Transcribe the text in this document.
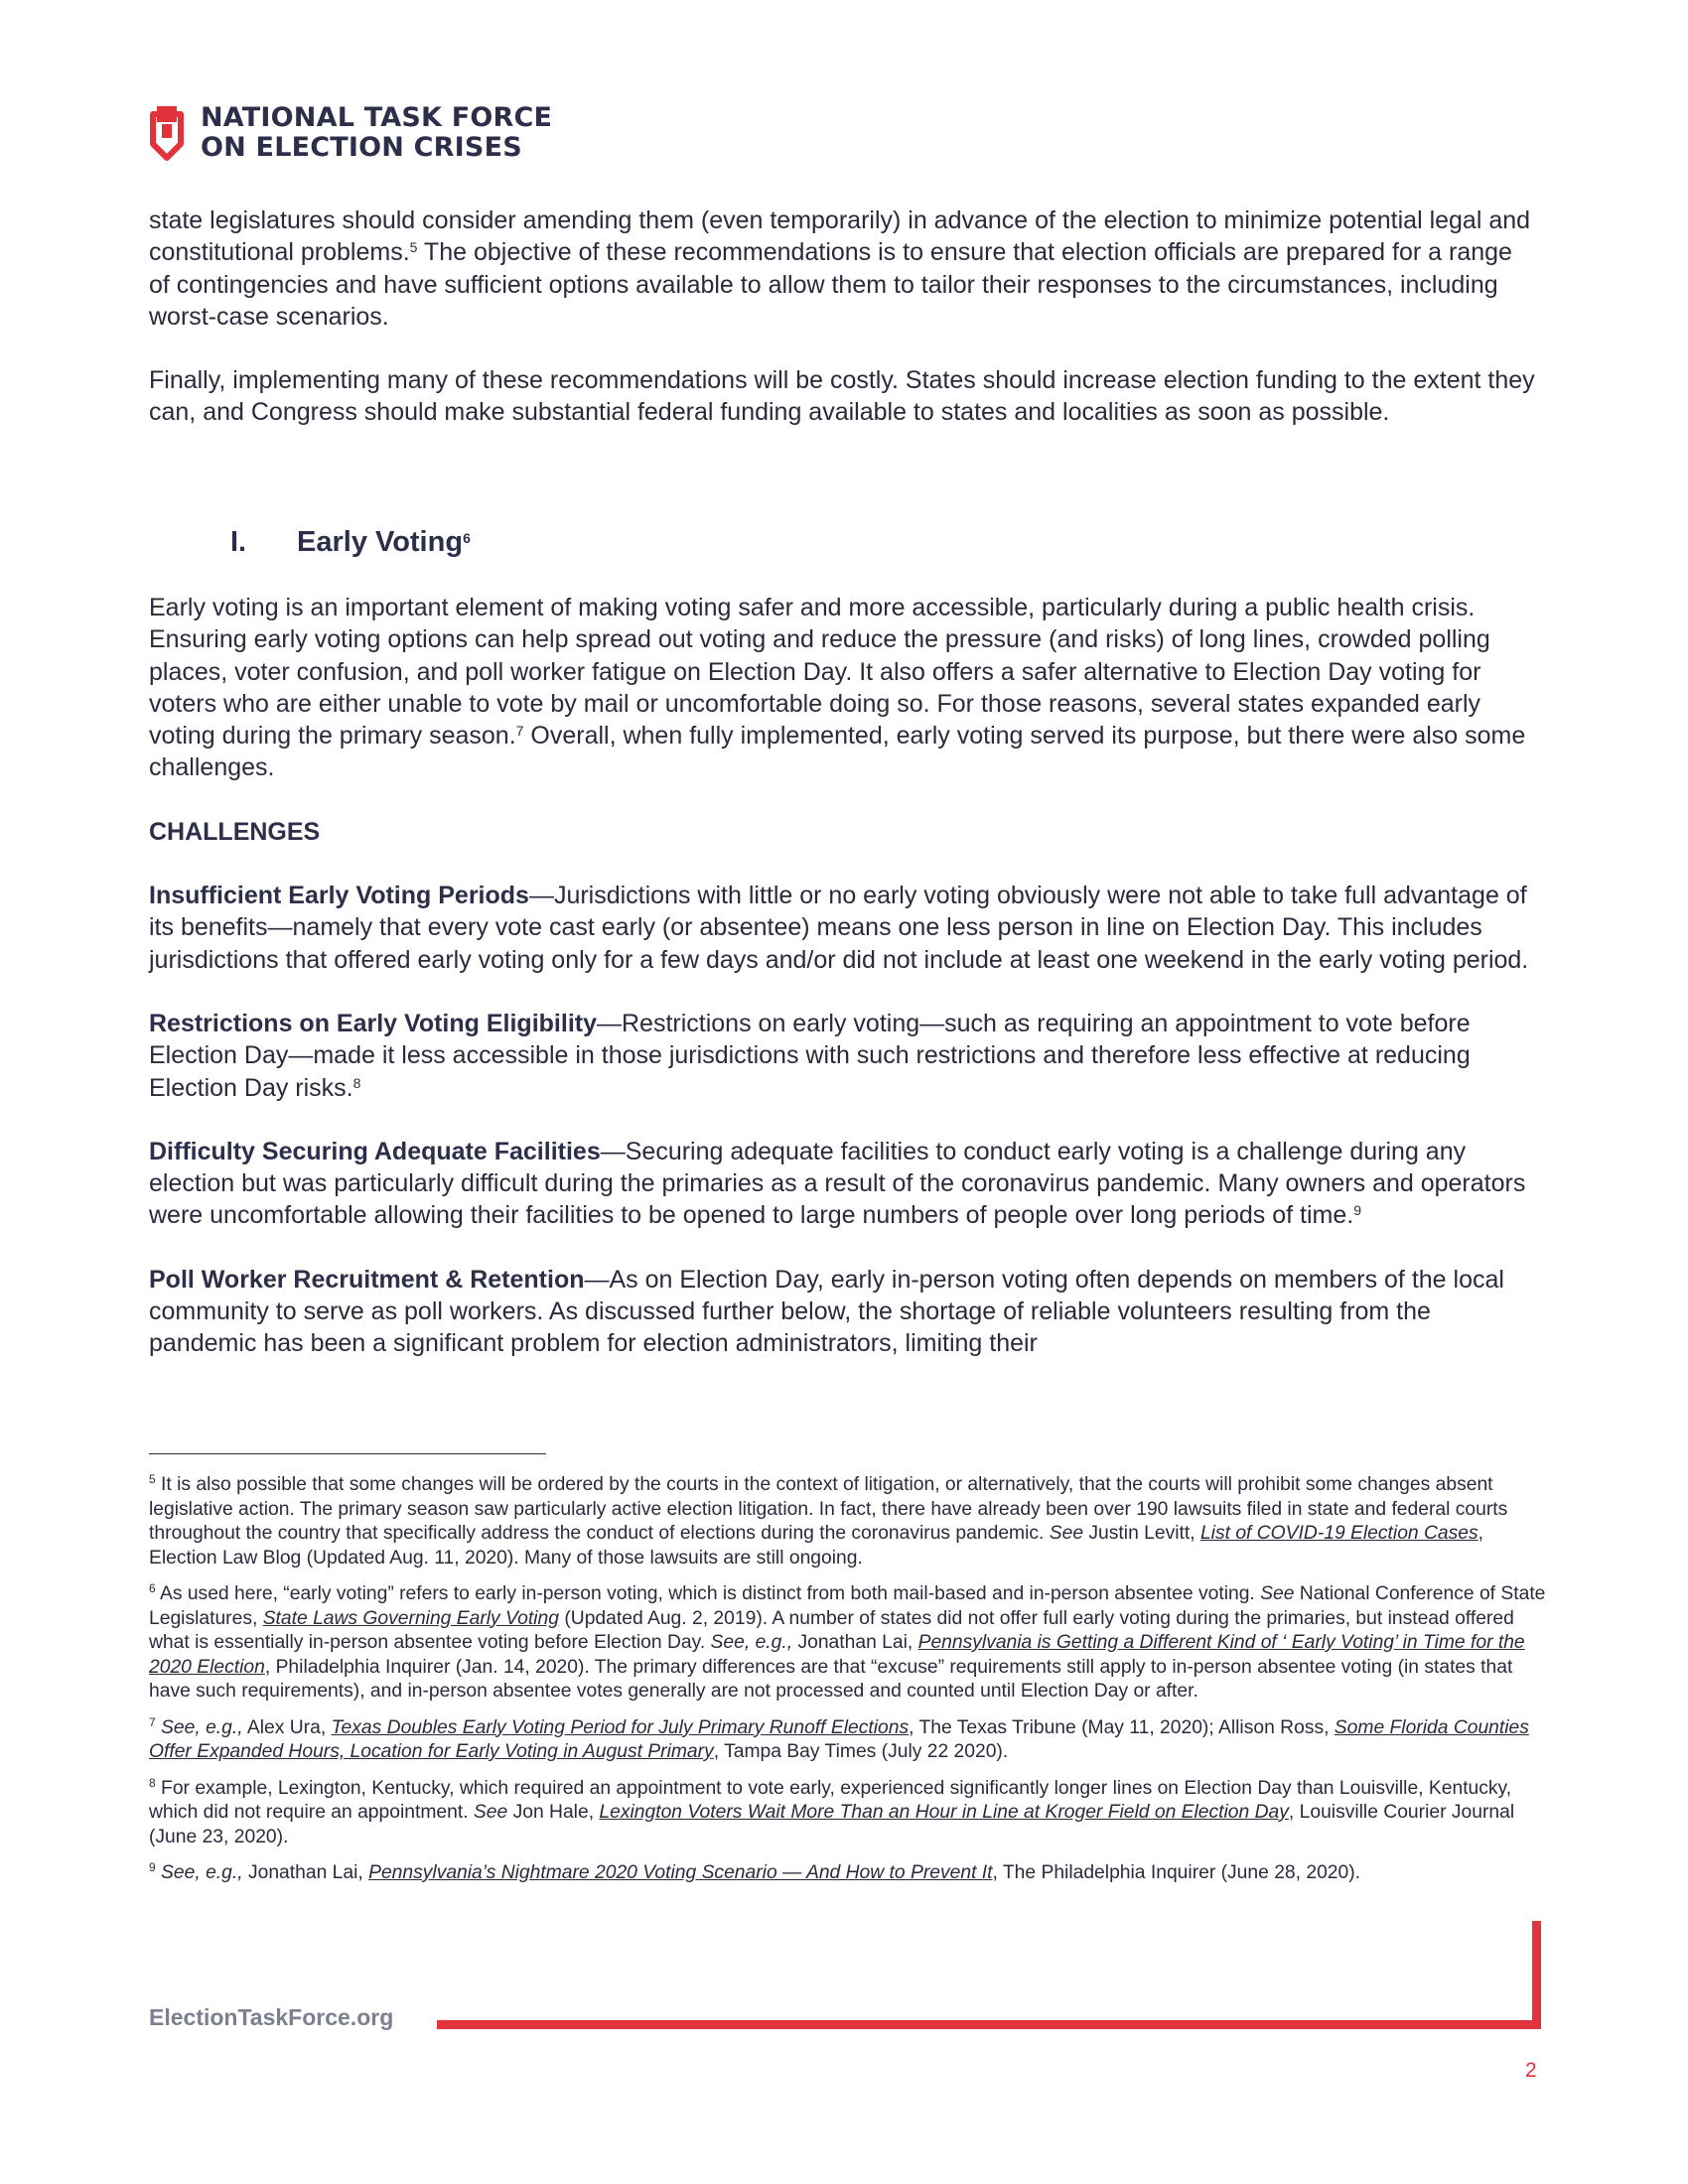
NATIONAL TASK FORCE
ON ELECTION CRISES

state legislatures should consider amending them (even temporarily) in advance of the election to minimize potential legal and constitutional problems.$^5$ The objective of these recommendations is to ensure that election officials are prepared for a range of contingencies and have sufficient options available to allow them to tailor their responses to the circumstances, including worst-case scenarios.

Finally, implementing many of these recommendations will be costly. States should increase election funding to the extent they can, and Congress should make substantial federal funding available to states and localities as soon as possible.

I. Early Voting$^6$

Early voting is an important element of making voting safer and more accessible, particularly during a public health crisis. Ensuring early voting options can help spread out voting and reduce the pressure (and risks) of long lines, crowded polling places, voter confusion, and poll worker fatigue on Election Day. It also offers a safer alternative to Election Day voting for voters who are either unable to vote by mail or uncomfortable doing so. For those reasons, several states expanded early voting during the primary season.$^7$ Overall, when fully implemented, early voting served its purpose, but there were also some challenges.

CHALLENGES

Insufficient Early Voting Periods—Jurisdictions with little or no early voting obviously were not able to take full advantage of its benefits—namely that every vote cast early (or absentee) means one less person in line on Election Day. This includes jurisdictions that offered early voting only for a few days and/or did not include at least one weekend in the early voting period.

Restrictions on Early Voting Eligibility—Restrictions on early voting—such as requiring an appointment to vote before Election Day—made it less accessible in those jurisdictions with such restrictions and therefore less effective at reducing Election Day risks.$^8$

Difficulty Securing Adequate Facilities—Securing adequate facilities to conduct early voting is a challenge during any election but was particularly difficult during the primaries as a result of the coronavirus pandemic. Many owners and operators were uncomfortable allowing their facilities to be opened to large numbers of people over long periods of time.$^9$

Poll Worker Recruitment & Retention—As on Election Day, early in-person voting often depends on members of the local community to serve as poll workers. As discussed further below, the shortage of reliable volunteers resulting from the pandemic has been a significant problem for election administrators, limiting their

$^5$ It is also possible that some changes will be ordered by the courts in the context of litigation, or alternatively, that the courts will prohibit some changes absent legislative action. The primary season saw particularly active election litigation. In fact, there have already been over 190 lawsuits filed in state and federal courts throughout the country that specifically address the conduct of elections during the coronavirus pandemic. See Justin Levitt, List of COVID-19 Election Cases, Election Law Blog (Updated Aug. 11, 2020). Many of those lawsuits are still ongoing.

$^6$ As used here, “early voting” refers to early in-person voting, which is distinct from both mail-based and in-person absentee voting. See National Conference of State Legislatures, State Laws Governing Early Voting (Updated Aug. 2, 2019). A number of states did not offer full early voting during the primaries, but instead offered what is essentially in-person absentee voting before Election Day. See, e.g., Jonathan Lai, Pennsylvania is Getting a Different Kind of ‘ Early Voting’ in Time for the 2020 Election, Philadelphia Inquirer (Jan. 14, 2020). The primary differences are that “excuse” requirements still apply to in-person absentee voting (in states that have such requirements), and in-person absentee votes generally are not processed and counted until Election Day or after.

$^7$ See, e.g., Alex Ura, Texas Doubles Early Voting Period for July Primary Runoff Elections, The Texas Tribune (May 11, 2020); Allison Ross, Some Florida Counties Offer Expanded Hours, Location for Early Voting in August Primary, Tampa Bay Times (July 22 2020).

$^8$ For example, Lexington, Kentucky, which required an appointment to vote early, experienced significantly longer lines on Election Day than Louisville, Kentucky, which did not require an appointment. See Jon Hale, Lexington Voters Wait More Than an Hour in Line at Kroger Field on Election Day, Louisville Courier Journal (June 23, 2020).

$^9$ See, e.g., Jonathan Lai, Pennsylvania’s Nightmare 2020 Voting Scenario — And How to Prevent It, The Philadelphia Inquirer (June 28, 2020).

ElectionTaskForce.org
2
